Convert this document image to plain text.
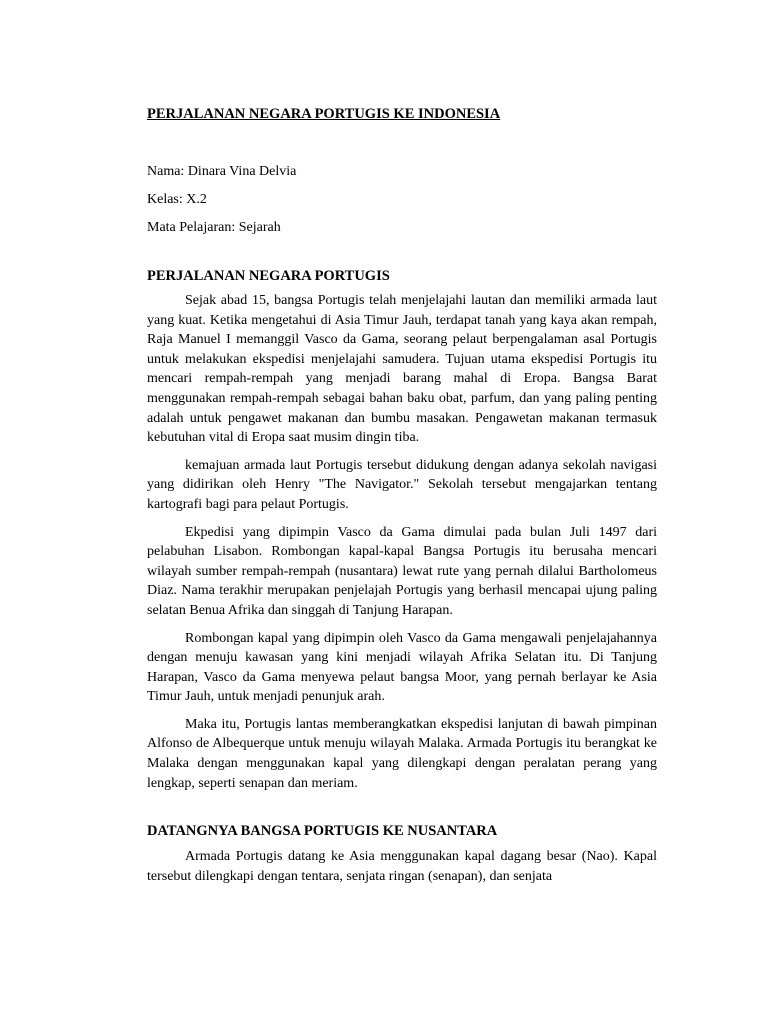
PERJALANAN NEGARA PORTUGIS KE INDONESIA

Nama: Dinara Vina Delvia

Kelas: X.2

Mata Pelajaran: Sejarah

PERJALANAN NEGARA PORTUGIS

Sejak abad 15, bangsa Portugis telah menjelajahi lautan dan memiliki armada laut yang kuat. Ketika mengetahui di Asia Timur Jauh, terdapat tanah yang kaya akan rempah, Raja Manuel I memanggil Vasco da Gama, seorang pelaut berpengalaman asal Portugis untuk melakukan ekspedisi menjelajahi samudera. Tujuan utama ekspedisi Portugis itu mencari rempah-rempah yang menjadi barang mahal di Eropa. Bangsa Barat menggunakan rempah-rempah sebagai bahan baku obat, parfum, dan yang paling penting adalah untuk pengawet makanan dan bumbu masakan. Pengawetan makanan termasuk kebutuhan vital di Eropa saat musim dingin tiba.

kemajuan armada laut Portugis tersebut didukung dengan adanya sekolah navigasi yang didirikan oleh Henry "The Navigator." Sekolah tersebut mengajarkan tentang kartografi bagi para pelaut Portugis.

Ekpedisi yang dipimpin Vasco da Gama dimulai pada bulan Juli 1497 dari pelabuhan Lisabon. Rombongan kapal-kapal Bangsa Portugis itu berusaha mencari wilayah sumber rempah-rempah (nusantara) lewat rute yang pernah dilalui Bartholomeus Diaz. Nama terakhir merupakan penjelajah Portugis yang berhasil mencapai ujung paling selatan Benua Afrika dan singgah di Tanjung Harapan.

Rombongan kapal yang dipimpin oleh Vasco da Gama mengawali penjelajahannya dengan menuju kawasan yang kini menjadi wilayah Afrika Selatan itu. Di Tanjung Harapan, Vasco da Gama menyewa pelaut bangsa Moor, yang pernah berlayar ke Asia Timur Jauh, untuk menjadi penunjuk arah.

Maka itu, Portugis lantas memberangkatkan ekspedisi lanjutan di bawah pimpinan Alfonso de Albequerque untuk menuju wilayah Malaka. Armada Portugis itu berangkat ke Malaka dengan menggunakan kapal yang dilengkapi dengan peralatan perang yang lengkap, seperti senapan dan meriam.

DATANGNYA BANGSA PORTUGIS KE NUSANTARA

Armada Portugis datang ke Asia menggunakan kapal dagang besar (Nao). Kapal tersebut dilengkapi dengan tentara, senjata ringan (senapan), dan senjata
